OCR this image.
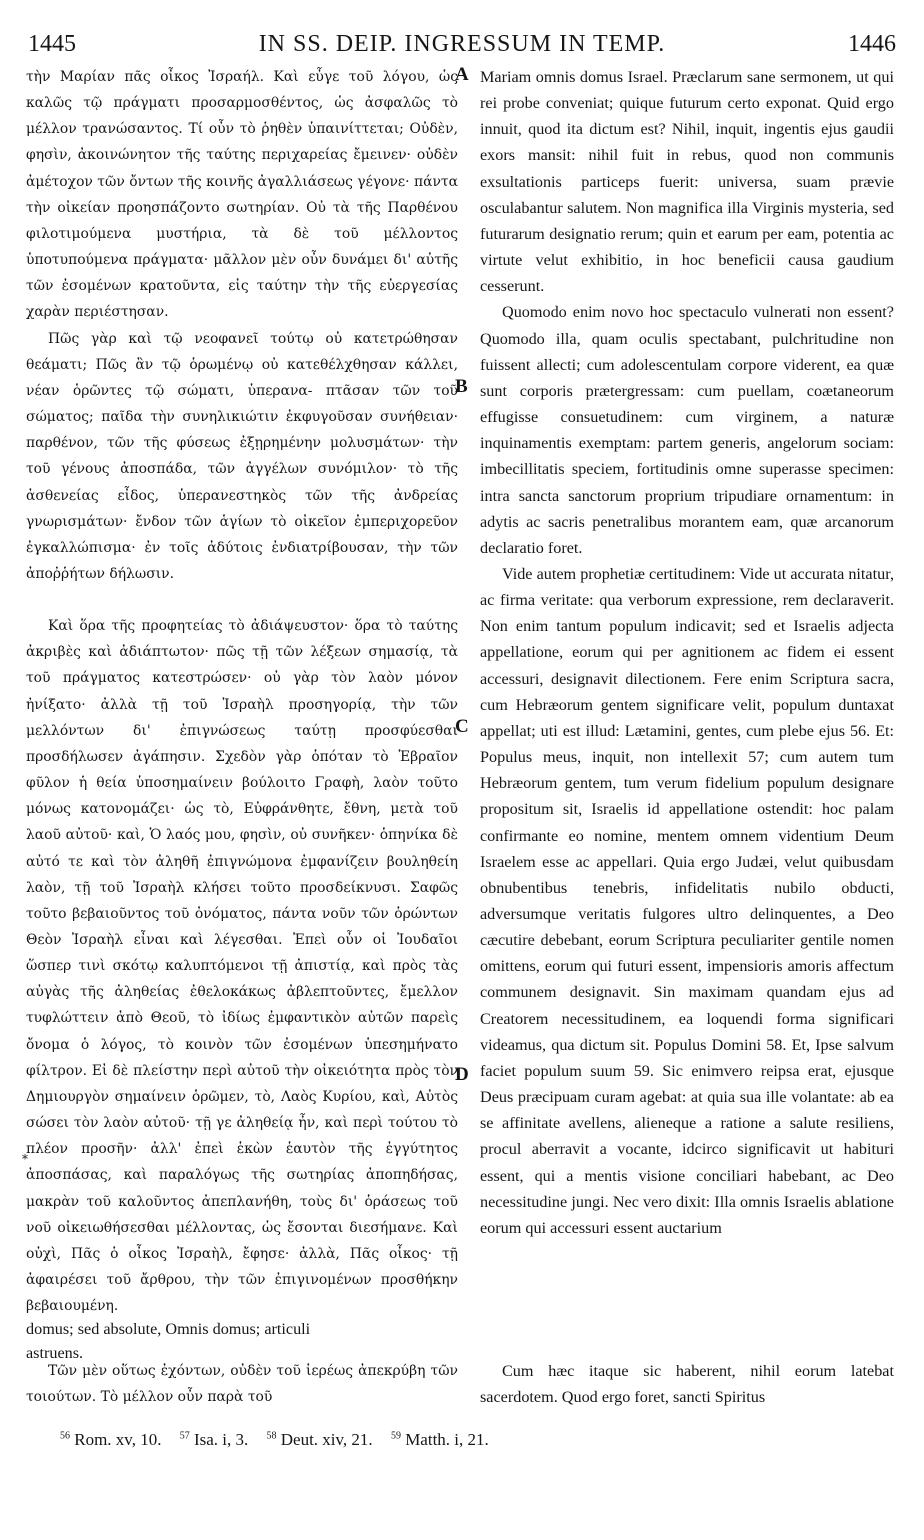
1445	IN SS. DEIP. INGRESSUM IN TEMP.	1446

τὴν Μαρίαν πᾶς οἶκος Ἰσραήλ. Καὶ εὖγε τοῦ λόγου, ὡς καλῶς τῷ πράγματι προσαρμοσθέντος, ὡς ἀσφαλῶς τὸ μέλλον τρανώσαντος. Τί οὖν τὸ ῥηθὲν ὑπαινίττεται; Οὐδὲν, φησὶν, ἀκοινώνητον τῆς ταύτης περιχαρείας ἔμεινεν· οὐδὲν ἀμέτοχον τῶν ὄντων τῆς κοινῆς ἀγαλλιάσεως γέγονε· πάντα τὴν οἰκείαν προησπάζοντο σωτηρίαν. Οὐ τὰ τῆς Παρθένου φιλοτιμούμενα μυστήρια, τὰ δὲ τοῦ μέλλοντος ὑποτυπούμενα πράγματα· μᾶλλον μὲν οὖν δυνάμει δι' αὐτῆς τῶν ἐσομένων κρατοῦντα, εἰς ταύτην τὴν τῆς εὐεργεσίας χαρὰν περιέστησαν.

Πῶς γὰρ καὶ τῷ νεοφανεῖ τούτῳ οὐ κατετρώθησαν θεάματι; Πῶς ἂν τῷ ὁρωμένῳ οὐ κατεθέλχθησαν κάλλει, νέαν ὁρῶντες τῷ σώματι, ὑπερανα- πτᾶσαν τῶν τοῦ σώματος; παῖδα τὴν συνηλικιώτιν ἐκφυγοῦσαν συνήθειαν· παρθένον, τῶν τῆς φύσεως ἐξῃρημένην μολυσμάτων· τὴν τοῦ γένους ἀποσπάδα, τῶν ἀγγέλων συνόμιλον· τὸ τῆς ἀσθενείας εἶδος, ὑπερανεστηκὸς τῶν τῆς ἀνδρείας γνωρισμάτων· ἔνδον τῶν ἁγίων τὸ οἰκεῖον ἐμπεριχορεῦον ἐγκαλλώπισμα· ἐν τοῖς ἀδύτοις ἐνδιατρίβουσαν, τὴν τῶν ἀποῤῥήτων δήλωσιν.

Καὶ ὅρα τῆς προφητείας τὸ ἀδιάψευστον· ὅρα τὸ ταύτης ἀκριβὲς καὶ ἀδιάπτωτον· πῶς τῇ τῶν λέξεων σημασίᾳ, τὰ τοῦ πράγματος κατεστρώσεν· οὐ γὰρ τὸν λαὸν μόνον ἠνίξατο· ἀλλὰ τῇ τοῦ Ἰσραὴλ προσηγορίᾳ, τὴν τῶν μελλόντων δι' ἐπιγνώσεως ταύτῃ προσφύεσθαι προσδήλωσεν ἀγάπησιν. Σχεδὸν γὰρ ὁπόταν τὸ Ἑβραῖον φῦλον ἡ θεία ὑποσημαίνειν βούλοιτο Γραφὴ, λαὸν τοῦτο μόνως κατονομάζει· ὡς τὸ, Εὐφράνθητε, ἔθνη, μετὰ τοῦ λαοῦ αὐτοῦ· καὶ, Ὁ λαός μου, φησὶν, οὐ συνῆκεν· ὁπηνίκα δὲ αὐτό τε καὶ τὸν ἀληθῆ ἐπιγνώμονα ἐμφανίζειν βουληθείη λαὸν, τῇ τοῦ Ἰσραὴλ κλήσει τοῦτο προσδείκνυσι. Σαφῶς τοῦτο βεβαιοῦντος τοῦ ὀνόματος, πάντα νοῦν τῶν ὁρώντων Θεὸν Ἰσραὴλ εἶναι καὶ λέγεσθαι. Ἐπεὶ οὖν οἱ Ἰουδαῖοι ὥσπερ τινὶ σκότῳ καλυπτόμενοι τῇ ἀπιστίᾳ, καὶ πρὸς τὰς αὐγὰς τῆς ἀληθείας ἐθελοκάκως ἀβλεπτοῦντες, ἔμελλον τυφλώττειν ἀπὸ Θεοῦ, τὸ ἰδίως ἐμφαντικὸν αὐτῶν παρεὶς ὄνομα ὁ λόγος, τὸ κοινὸν τῶν ἐσομένων ὑπεσημήνατο φίλτρον. Εἰ δὲ πλείστην περὶ αὐτοῦ τὴν οἰκειότητα πρὸς τὸν Δημιουργὸν σημαίνειν ὁρῶμεν, τὸ, Λαὸς Κυρίου, καὶ, Αὐτὸς σώσει τὸν λαὸν αὐτοῦ· τῇ γε ἀληθείᾳ ἦν, καὶ περὶ τούτου τὸ πλέον προσῆν· ἀλλ' ἐπεὶ ἑκὼν ἑαυτὸν τῆς ἐγγύτητος ἀποσπάσας, καὶ παραλόγως τῆς σωτηρίας ἀποπηδήσας, μακρὰν τοῦ καλοῦντος ἀπεπλανήθη, τοὺς δι' ὁράσεως τοῦ νοῦ οἰκειωθήσεσθαι μέλλοντας, ὡς ἔσονται διεσήμανε. Καὶ οὐχὶ, Πᾶς ὁ οἶκος Ἰσραὴλ, ἔφησε· ἀλλὰ, Πᾶς οἶκος· τῇ ἀφαιρέσει τοῦ ἄρθρου, τὴν τῶν ἐπιγινομένων προσθήκην βεβαιουμένη.

Mariam omnis domus Israel. Præclarum sane sermonem, ut qui rei probe conveniat; quique futurum certo exponat. Quid ergo innuit, quod ita dictum est? Nihil, inquit, ingentis ejus gaudii exors mansit: nihil fuit in rebus, quod non communis exsultationis particeps fuerit: universa, suam prævie osculabantur salutem. Non magnifica illa Virginis mysteria, sed futurarum designatio rerum; quin et earum per eam, potentia ac virtute velut exhibitio, in hoc beneficii causa gaudium cesserunt.

Quomodo enim novo hoc spectaculo vulnerati non essent? Quomodo illa, quam oculis spectabant, pulchritudine non fuissent allecti; cum adolescentulam corpore viderent, ea quæ sunt corporis prætergressam: cum puellam, coætaneorum effugisse consuetudinem: cum virginem, a naturæ inquinamentis exemptam: partem generis, angelorum sociam: imbecillitatis speciem, fortitudinis omne superasse specimen: intra sancta sanctorum proprium tripudiare ornamentum: in adytis ac sacris penetralibus morantem eam, quæ arcanorum declaratio foret.

Vide autem prophetiæ certitudinem: Vide ut accurata nitatur, ac firma veritate: qua verborum expressione, rem declaraverit. Non enim tantum populum indicavit; sed et Israelis adjecta appellatione, eorum qui per agnitionem ac fidem ei essent accessuri, designavit dilectionem. Fere enim Scriptura sacra, cum Hebræorum gentem significare velit, populum duntaxat appellat; uti est illud: Lætamini, gentes, cum plebe ejus 56. Et: Populus meus, inquit, non intellexit 57; cum autem tum Hebræorum gentem, tum verum fidelium populum designare propositum sit, Israelis id appellatione ostendit: hoc palam confirmante eo nomine, mentem omnem videntium Deum Israelem esse ac appellari. Quia ergo Judæi, velut quibusdam obnubentibus tenebris, infidelitatis nubilo obducti, adversumque veritatis fulgores ultro delinquentes, a Deo cæcutire debebant, eorum Scriptura peculiariter gentile nomen omittens, eorum qui futuri essent, impensioris amoris affectum communem designavit. Sin maximam quandam ejus ad Creatorem necessitudinem, ea loquendi forma significari videamus, qua dictum sit. Populus Domini 58. Et, Ipse salvum faciet populum suum 59. Sic enimvero reipsa erat, ejusque Deus præcipuam curam agebat: at quia sua ille volantate: ab ea se affinitate avellens, alieneque a ratione a salute resiliens, procul aberravit a vocante, idcirco significavit ut habituri essent, qui a mentis visione conciliari habebant, ac Deo necessitudine jungi. Nec vero dixit: Illa omnis Israelis ablatione eorum qui accessuri essent auctarium

A
B
C
D
*
domus; sed absolute, Omnis domus; articuli
astruens.

Τῶν μὲν οὕτως ἐχόντων, οὐδὲν τοῦ ἱερέως ἀπεκρύβη τῶν τοιούτων. Τὸ μέλλον οὖν παρὰ τοῦ

Cum hæc itaque sic haberent, nihil eorum latebat sacerdotem. Quod ergo foret, sancti Spiritus

$^{56}$ Rom. xv, 10. $^{57}$ Isa. i, 3. $^{58}$ Deut. xiv, 21. $^{59}$ Matth. i, 21.
